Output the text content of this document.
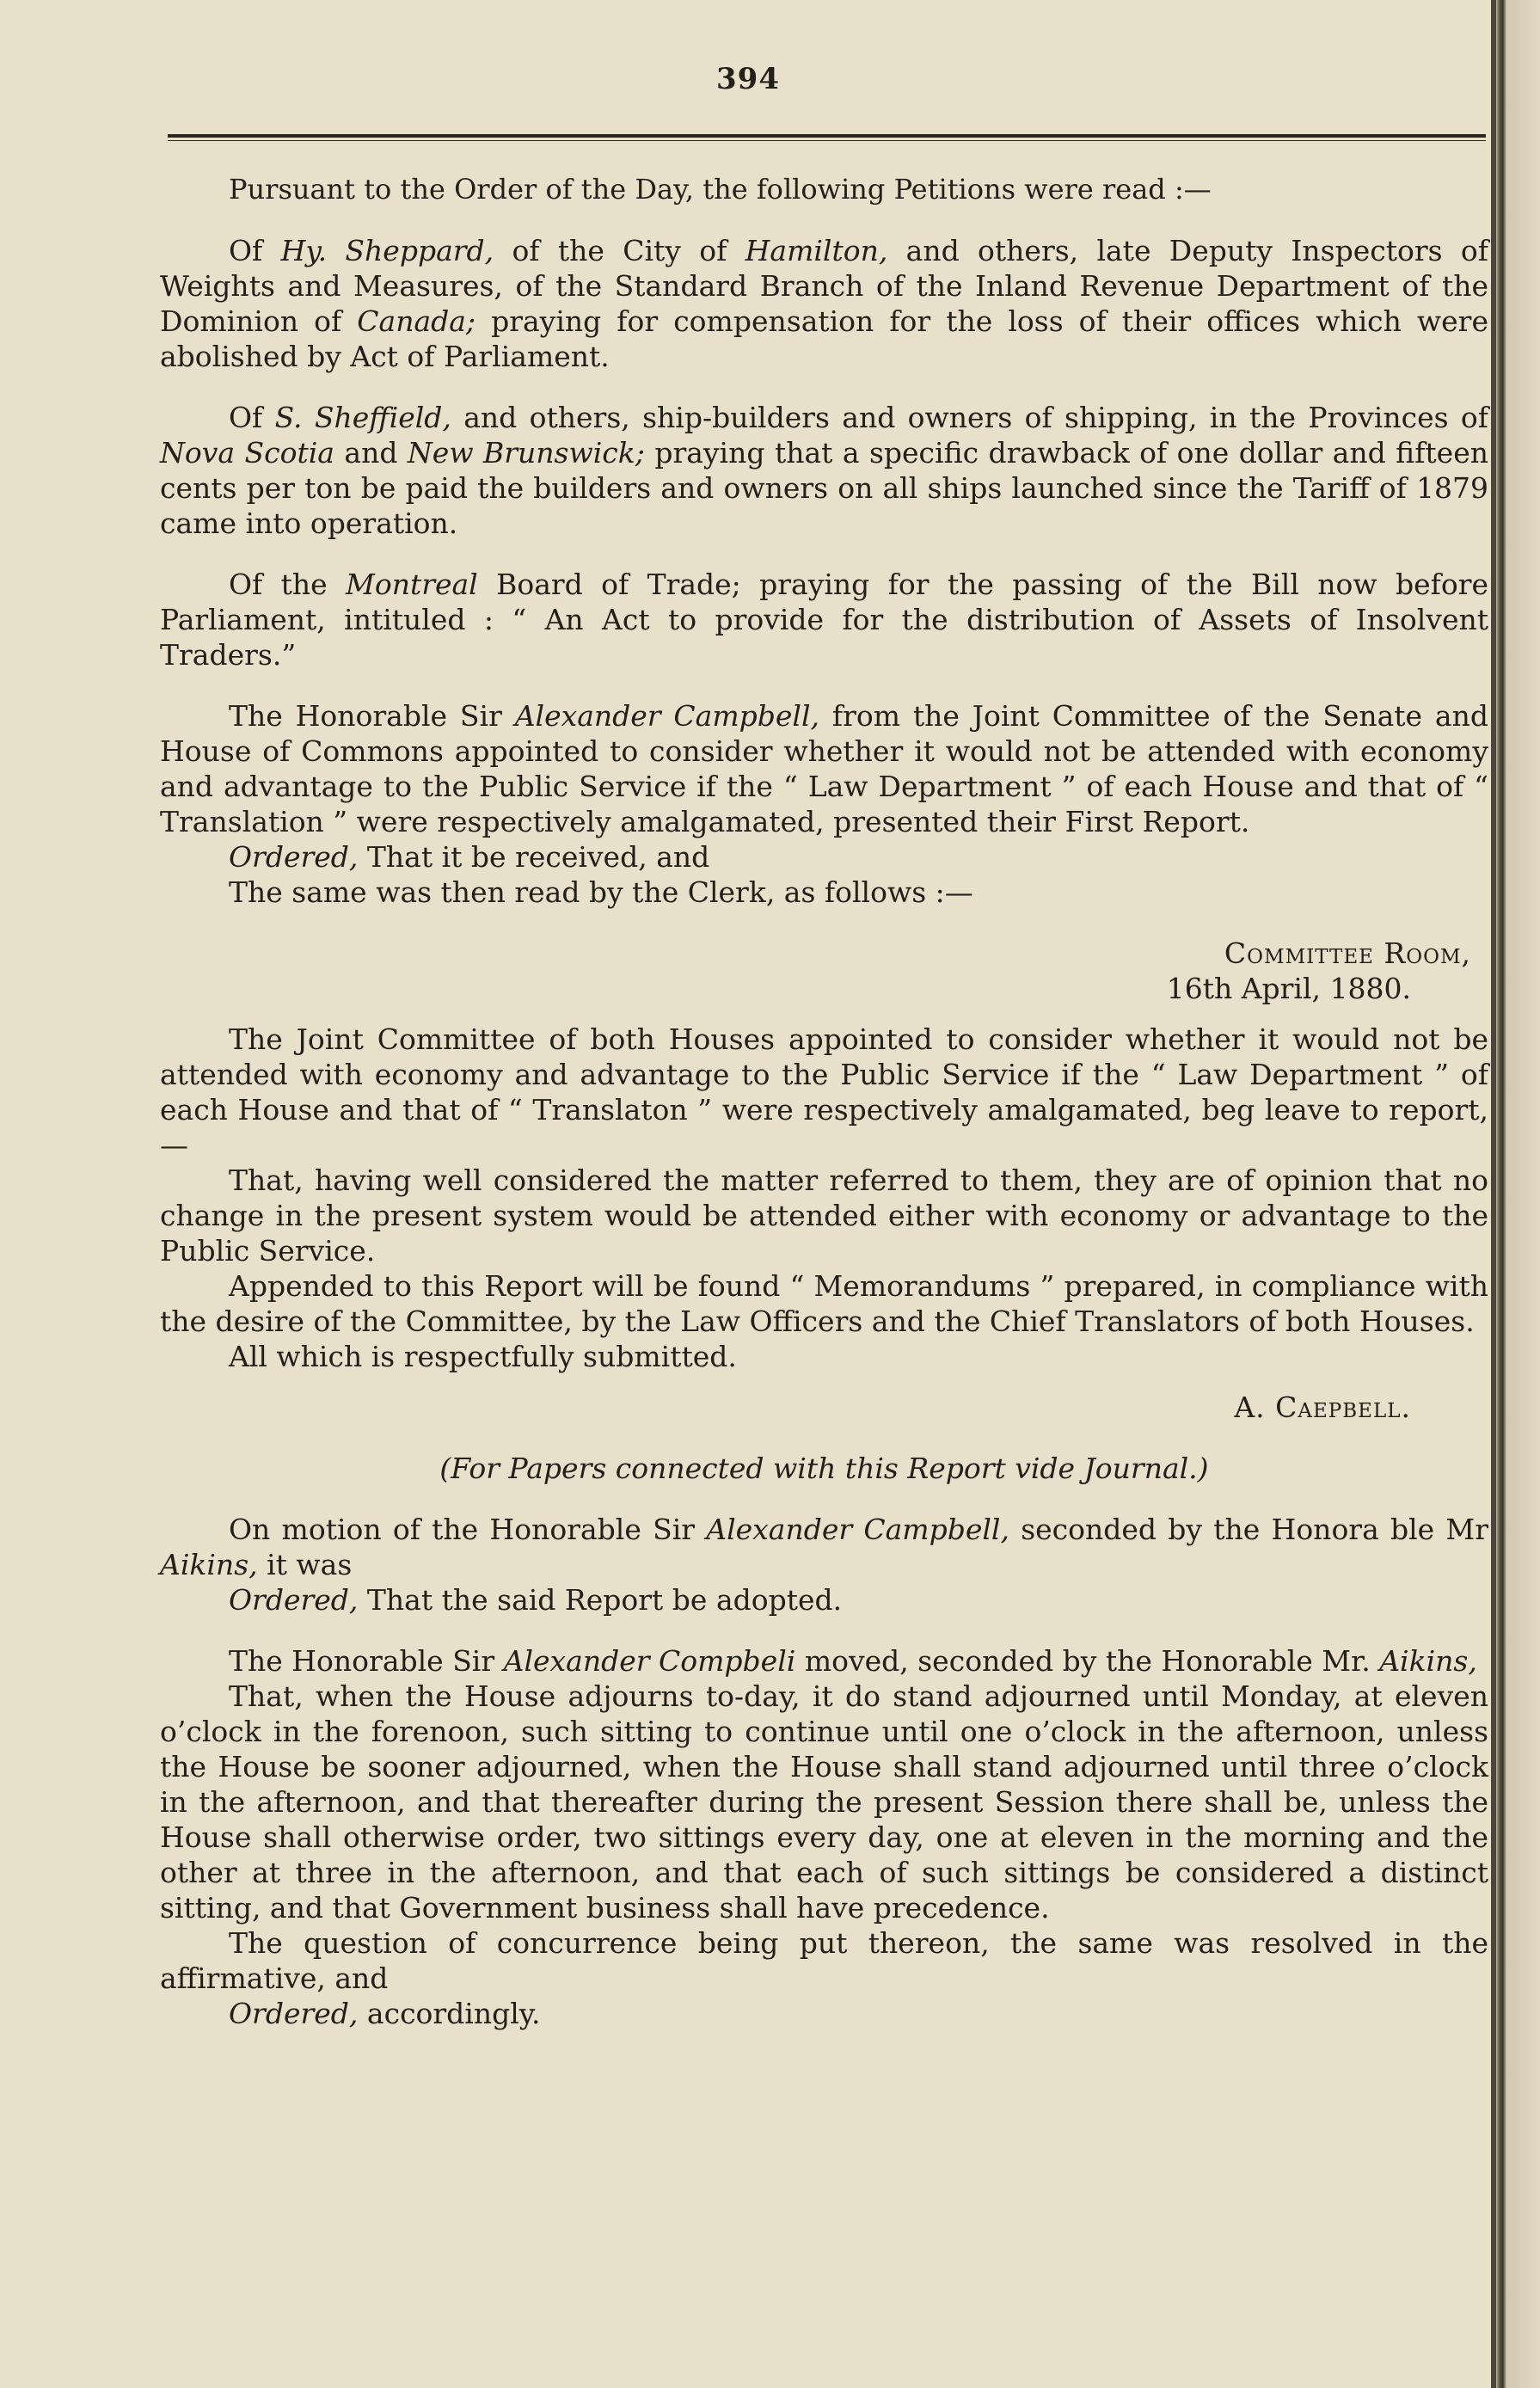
394

Pursuant to the Order of the Day, the following Petitions were read :—

Of Hy. Sheppard, of the City of Hamilton, and others, late Deputy Inspectors of Weights and Measures, of the Standard Branch of the Inland Revenue Department of the Dominion of Canada; praying for compensation for the loss of their offices which were abolished by Act of Parliament.

Of S. Sheffield, and others, ship-builders and owners of shipping, in the Provinces of Nova Scotia and New Brunswick; praying that a specific drawback of one dollar and fifteen cents per ton be paid the builders and owners on all ships launched since the Tariff of 1879 came into operation.

Of the Montreal Board of Trade; praying for the passing of the Bill now before Parliament, intituled : “ An Act to provide for the distribution of Assets of Insolvent Traders.”

The Honorable Sir Alexander Campbell, from the Joint Committee of the Senate and House of Commons appointed to consider whether it would not be attended with economy and advantage to the Public Service if the “ Law Department ” of each House and that of “ Translation ” were respectively amalgamated, presented their First Report.

Ordered, That it be received, and

The same was then read by the Clerk, as follows :—

Committee Room,

16th April, 1880.

The Joint Committee of both Houses appointed to consider whether it would not be attended with economy and advantage to the Public Service if the “ Law Department ” of each House and that of “ Translaton ” were respectively amalgamated, beg leave to report,—

That, having well considered the matter referred to them, they are of opinion that no change in the present system would be attended either with economy or advantage to the Public Service.

Appended to this Report will be found “ Memorandums ” prepared, in compliance with the desire of the Committee, by the Law Officers and the Chief Translators of both Houses.

All which is respectfully submitted.

A. Caepbell.

(For Papers connected with this Report vide Journal.)

On motion of the Honorable Sir Alexander Campbell, seconded by the Honora ble Mr Aikins, it was

Ordered, That the said Report be adopted.

The Honorable Sir Alexander Compbeli moved, seconded by the Honorable Mr. Aikins,

That, when the House adjourns to-day, it do stand adjourned until Monday, at eleven o’clock in the forenoon, such sitting to continue until one o’clock in the afternoon, unless the House be sooner adjourned, when the House shall stand adjourned until three o’clock in the afternoon, and that thereafter during the present Session there shall be, unless the House shall otherwise order, two sittings every day, one at eleven in the morning and the other at three in the afternoon, and that each of such sittings be considered a distinct sitting, and that Government business shall have precedence.

The question of concurrence being put thereon, the same was resolved in the affirmative, and

Ordered, accordingly.
